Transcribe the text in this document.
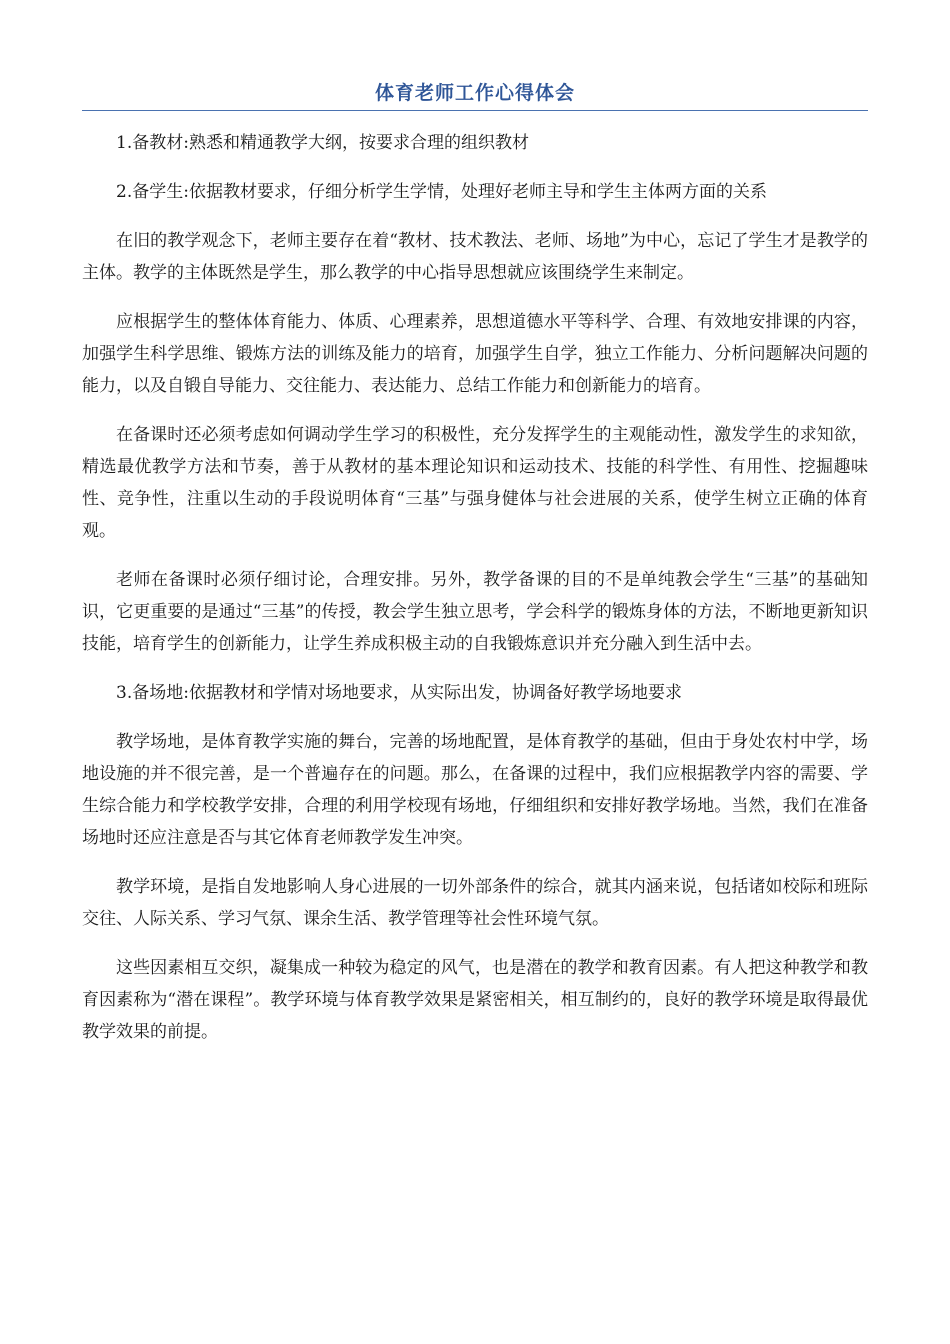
体育老师工作心得体会

1.备教材:熟悉和精通教学大纲，按要求合理的组织教材

2.备学生:依据教材要求，仔细分析学生学情，处理好老师主导和学生主体两方面的关系

在旧的教学观念下，老师主要存在着“教材、技术教法、老师、场地”为中心，忘记了学生才是教学的主体。教学的主体既然是学生，那么教学的中心指导思想就应该围绕学生来制定。

应根据学生的整体体育能力、体质、心理素养，思想道德水平等科学、合理、有效地安排课的内容，加强学生科学思维、锻炼方法的训练及能力的培育，加强学生自学，独立工作能力、分析问题解决问题的能力，以及自锻自导能力、交往能力、表达能力、总结工作能力和创新能力的培育。

在备课时还必须考虑如何调动学生学习的积极性，充分发挥学生的主观能动性，激发学生的求知欲，精选最优教学方法和节奏，善于从教材的基本理论知识和运动技术、技能的科学性、有用性、挖掘趣味性、竞争性，注重以生动的手段说明体育“三基”与强身健体与社会进展的关系，使学生树立正确的体育观。

老师在备课时必须仔细讨论，合理安排。另外，教学备课的目的不是单纯教会学生“三基”的基础知识，它更重要的是通过“三基”的传授，教会学生独立思考，学会科学的锻炼身体的方法，不断地更新知识技能，培育学生的创新能力，让学生养成积极主动的自我锻炼意识并充分融入到生活中去。

3.备场地:依据教材和学情对场地要求，从实际出发，协调备好教学场地要求

教学场地，是体育教学实施的舞台，完善的场地配置，是体育教学的基础，但由于身处农村中学，场地设施的并不很完善，是一个普遍存在的问题。那么，在备课的过程中，我们应根据教学内容的需要、学生综合能力和学校教学安排，合理的利用学校现有场地，仔细组织和安排好教学场地。当然，我们在准备场地时还应注意是否与其它体育老师教学发生冲突。

教学环境，是指自发地影响人身心进展的一切外部条件的综合，就其内涵来说，包括诸如校际和班际交往、人际关系、学习气氛、课余生活、教学管理等社会性环境气氛。

这些因素相互交织，凝集成一种较为稳定的风气，也是潜在的教学和教育因素。有人把这种教学和教育因素称为“潜在课程”。教学环境与体育教学效果是紧密相关，相互制约的，良好的教学环境是取得最优教学效果的前提。
